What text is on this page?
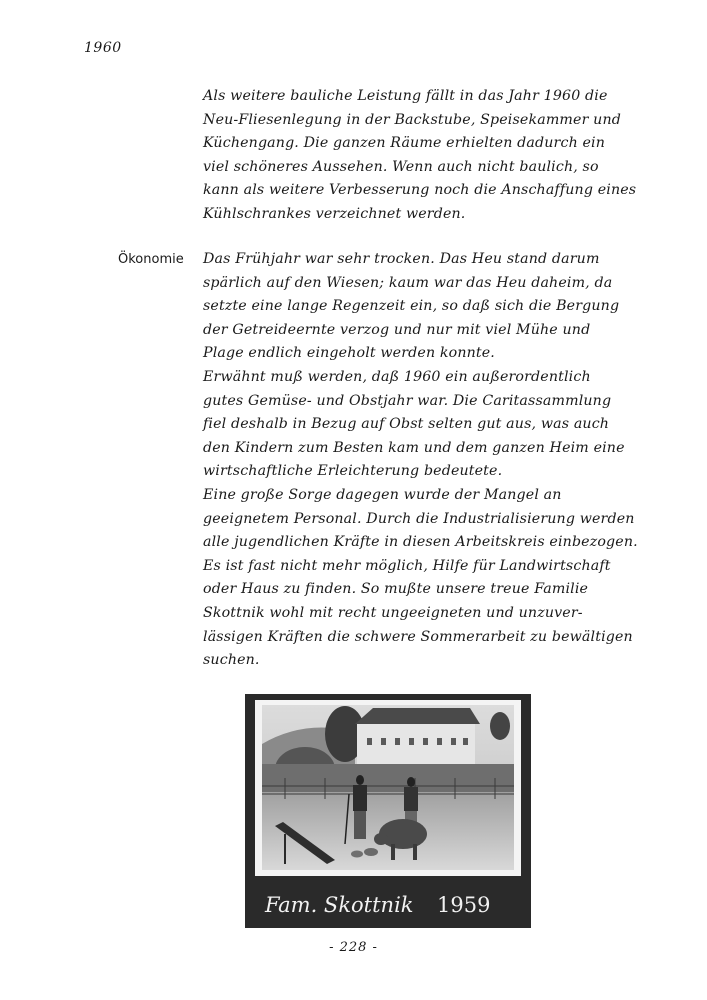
1960
Als weitere bauliche Leistung fällt in das Jahr 1960 die
Neu-Fliesenlegung in der Backstube, Speisekammer und
Küchengang. Die ganzen Räume erhielten dadurch ein
viel schöneres Aussehen. Wenn auch nicht baulich, so
kann als weitere Verbesserung noch die Anschaffung eines
Kühlschrankes verzeichnet werden.
Ökonomie Das Frühjahr war sehr trocken. Das Heu stand darum
spärlich auf den Wiesen; kaum war das Heu daheim, da
setzte eine lange Regenzeit ein, so daß sich die Bergung
der Getreideernte verzog und nur mit viel Mühe und
Plage endlich eingeholt werden konnte.
Erwähnt muß werden, daß 1960 ein außerordentlich
gutes Gemüse- und Obstjahr war. Die Caritassammlung
fiel deshalb in Bezug auf Obst selten gut aus, was auch
den Kindern zum Besten kam und dem ganzen Heim eine
wirtschaftliche Erleichterung bedeutete.
Eine große Sorge dagegen wurde der Mangel an
geeignetem Personal. Durch die Industrialisierung werden
alle jugendlichen Kräfte in diesen Arbeitskreis einbezogen.
Es ist fast nicht mehr möglich, Hilfe für Landwirtschaft
oder Haus zu finden. So mußte unsere treue Familie
Skottnik wohl mit recht ungeeigneten und unzuver-
lässigen Kräften die schwere Sommerarbeit zu bewältigen
suchen.
Fam. Skottnik 1959
- 228 -
